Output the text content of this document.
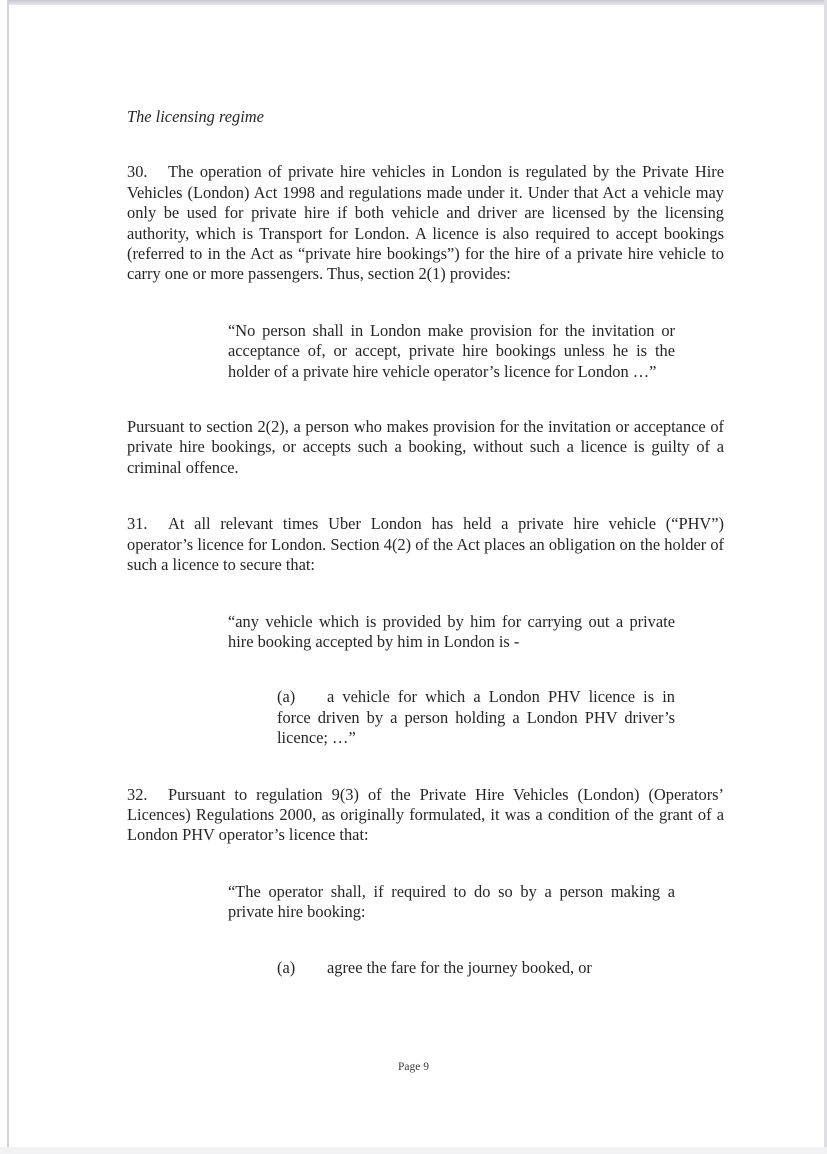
The licensing regime

30. The operation of private hire vehicles in London is regulated by the Private Hire Vehicles (London) Act 1998 and regulations made under it. Under that Act a vehicle may only be used for private hire if both vehicle and driver are licensed by the licensing authority, which is Transport for London. A licence is also required to accept bookings (referred to in the Act as “private hire bookings”) for the hire of a private hire vehicle to carry one or more passengers. Thus, section 2(1) provides:

“No person shall in London make provision for the invitation or acceptance of, or accept, private hire bookings unless he is the holder of a private hire vehicle operator’s licence for London …”

Pursuant to section 2(2), a person who makes provision for the invitation or acceptance of private hire bookings, or accepts such a booking, without such a licence is guilty of a criminal offence.

31. At all relevant times Uber London has held a private hire vehicle (“PHV”) operator’s licence for London. Section 4(2) of the Act places an obligation on the holder of such a licence to secure that:

“any vehicle which is provided by him for carrying out a private hire booking accepted by him in London is -
(a) a vehicle for which a London PHV licence is in force driven by a person holding a London PHV driver’s licence; …”

32. Pursuant to regulation 9(3) of the Private Hire Vehicles (London) (Operators’ Licences) Regulations 2000, as originally formulated, it was a condition of the grant of a London PHV operator’s licence that:

“The operator shall, if required to do so by a person making a private hire booking:
(a) agree the fare for the journey booked, or
Page 9
